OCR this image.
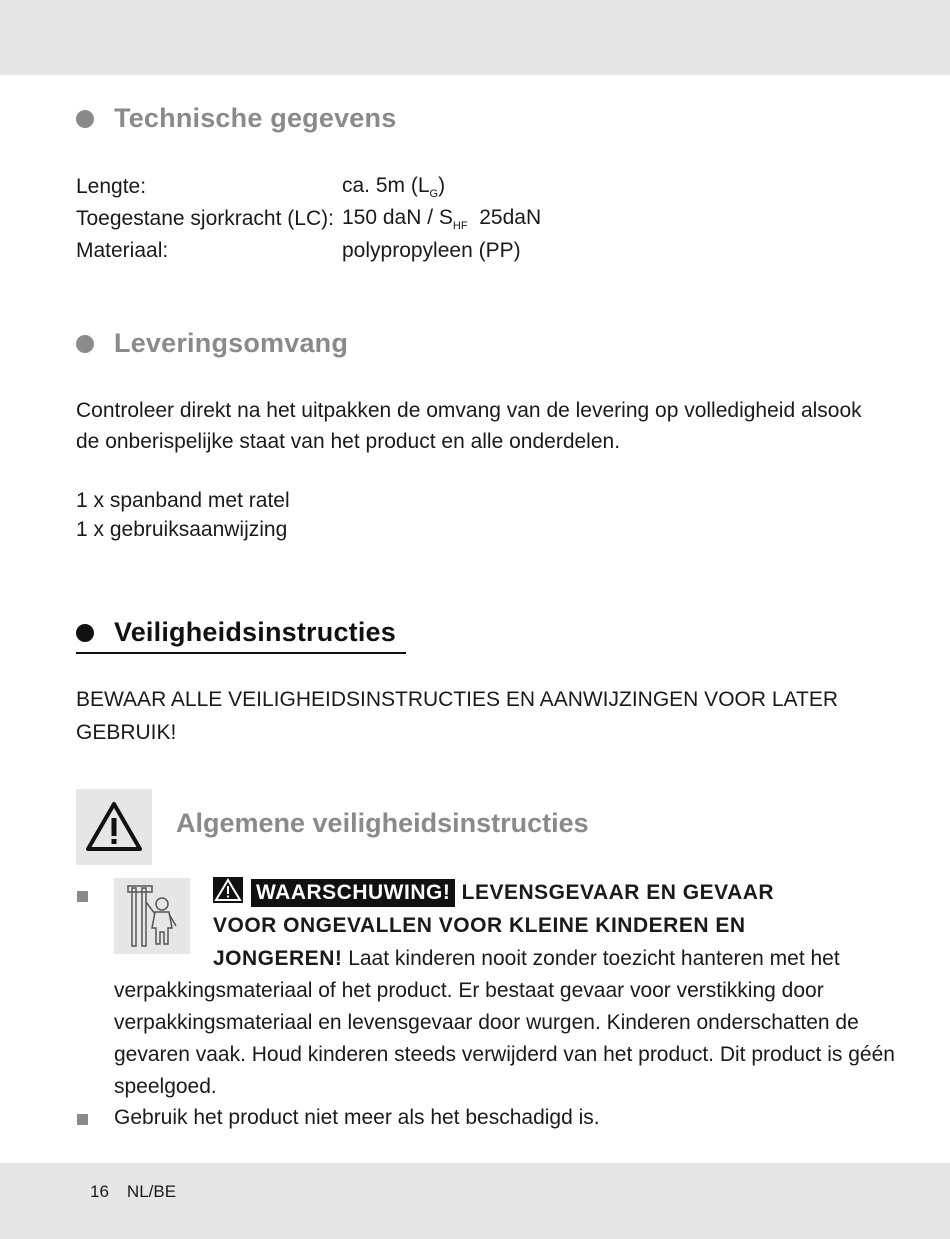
Technische gegevens
Lengte:	ca. 5m $(L_G)$
Toegestane sjorkracht (LC): 150 daN / $S_{HF}$  25daN
Materiaal:	polypropyleen (PP)
Leveringsomvang
Controleer direkt na het uitpakken de omvang van de levering op volledigheid alsook
de onberispelijke staat van het product en alle onderdelen.
1 x spanband met ratel
1 x gebruiksaanwijzing
Veiligheidsinstructies
BEWAAR ALLE VEILIGHEIDSINSTRUCTIES EN AANWIJZINGEN VOOR LATER
GEBRUIK!
Algemene veiligheidsinstructies
WAARSCHUWING! LEVENSGEVAAR EN GEVAAR
VOOR ONGEVALLEN VOOR KLEINE KINDEREN EN
JONGEREN! Laat kinderen nooit zonder toezicht hanteren met het
verpakkingsmateriaal of het product. Er bestaat gevaar voor verstikking door
verpakkingsmateriaal en levensgevaar door wurgen. Kinderen onderschatten de
gevaren vaak. Houd kinderen steeds verwijderd van het product. Dit product is géén
speelgoed.
Gebruik het product niet meer als het beschadigd is.
16 NL/BE
